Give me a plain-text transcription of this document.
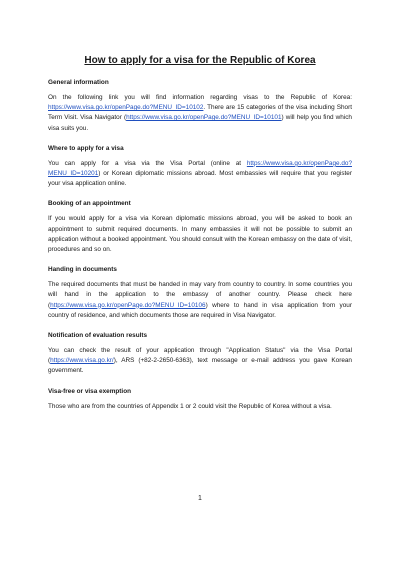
How to apply for a visa for the Republic of Korea
General information

On the following link you will find information regarding visas to the Republic of Korea: https://www.visa.go.kr/openPage.do?MENU_ID=10102. There are 15 categories of the visa including Short Term Visit. Visa Navigator (https://www.visa.go.kr/openPage.do?MENU_ID=10101) will help you find which visa suits you.

Where to apply for a visa

You can apply for a visa via the Visa Portal (online at https://www.visa.go.kr/openPage.do?MENU_ID=10201) or Korean diplomatic missions abroad. Most embassies will require that you register your visa application online.

Booking of an appointment

If you would apply for a visa via Korean diplomatic missions abroad, you will be asked to book an appointment to submit required documents. In many embassies it will not be possible to submit an application without a booked appointment. You should consult with the Korean embassy on the date of visit, procedures and so on.

Handing in documents

The required documents that must be handed in may vary from country to country. In some countries you will hand in the application to the embassy of another country. Please check here (https://www.visa.go.kr/openPage.do?MENU_ID=10106) where to hand in visa application from your country of residence, and which documents those are required in Visa Navigator.

Notification of evaluation results

You can check the result of your application through "Application Status" via the Visa Portal (https://www.visa.go.kr/), ARS (+82-2-2650-6363), text message or e-mail address you gave Korean government.

Visa-free or visa exemption

Those who are from the countries of Appendix 1 or 2 could visit the Republic of Korea without a visa.

1
